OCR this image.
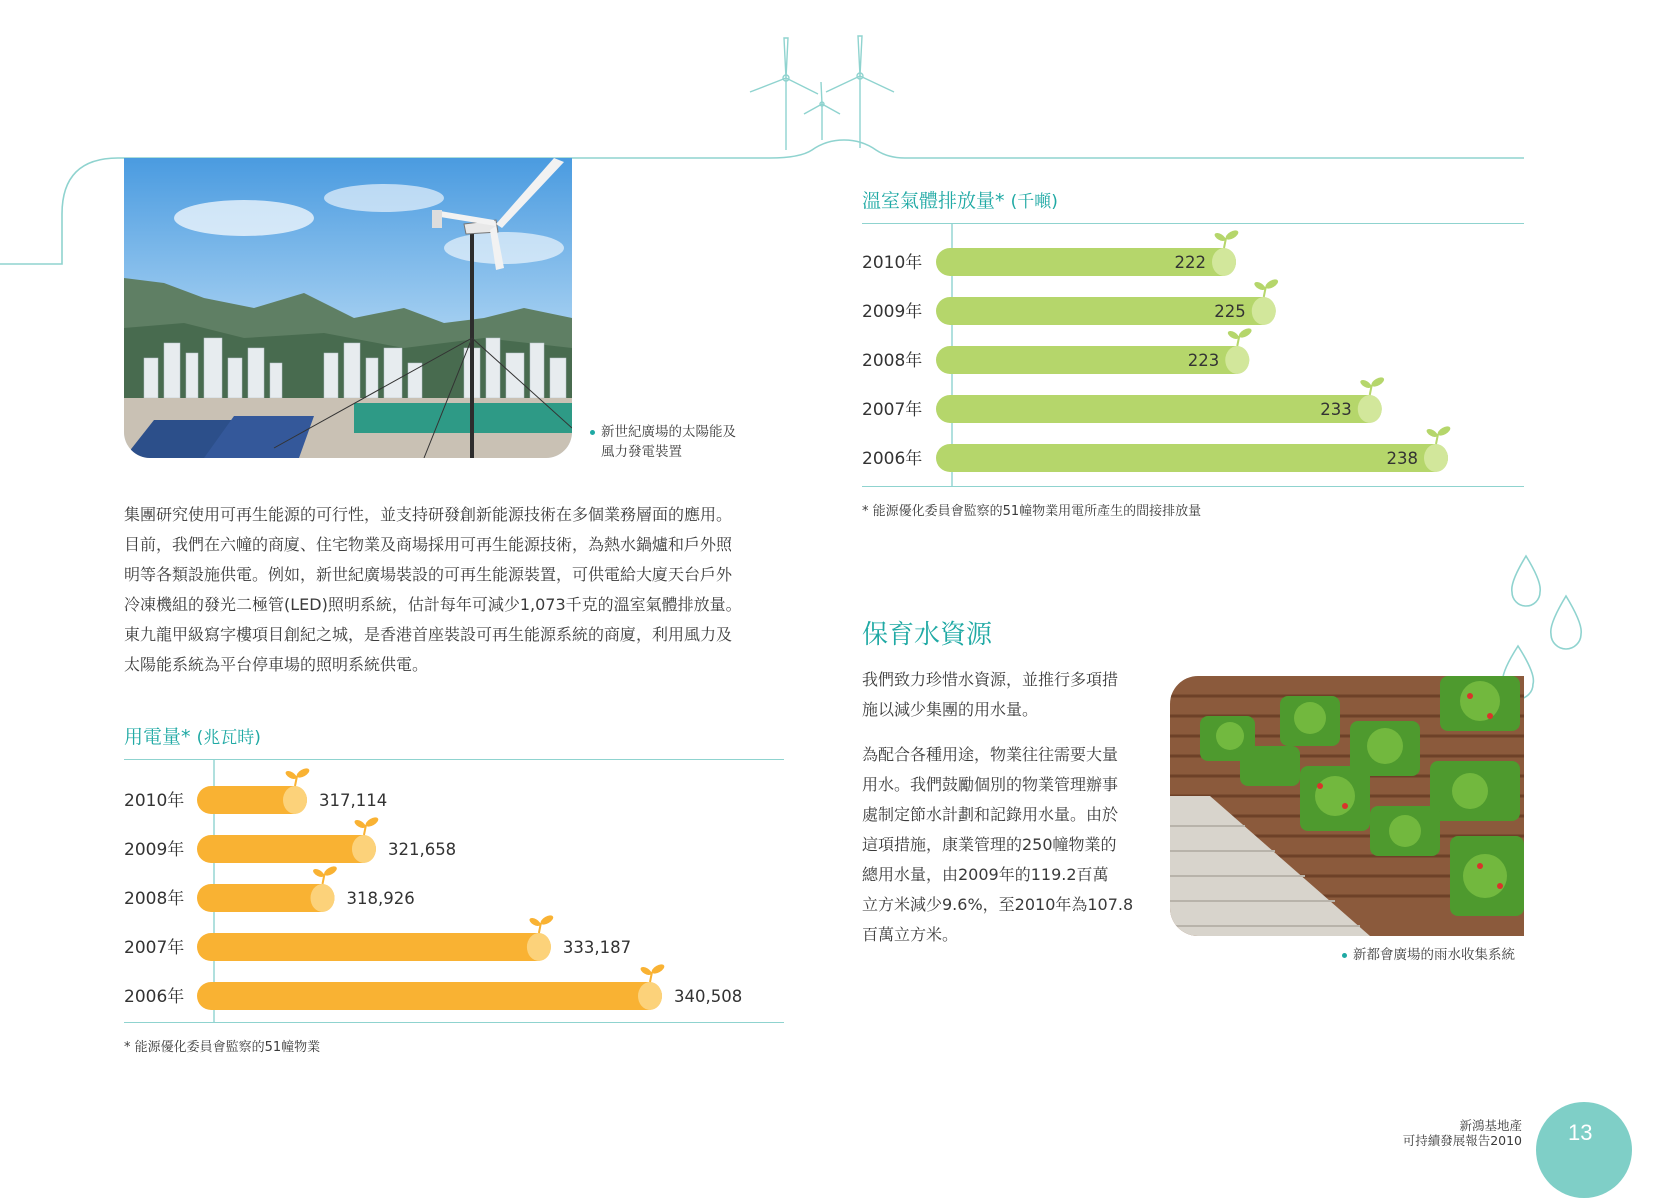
新世紀廣場的太陽能及
風力發電裝置
集團研究使用可再生能源的可行性，並支持研發創新能源技術在多個業務層面的應用。
目前，我們在六幢的商廈、住宅物業及商場採用可再生能源技術，為熱水鍋爐和戶外照
明等各類設施供電。例如，新世紀廣場裝設的可再生能源裝置，可供電給大廈天台戶外
冷凍機組的發光二極管(LED)照明系統，估計每年可減少1,073千克的溫室氣體排放量。
東九龍甲級寫字樓項目創紀之城，是香港首座裝設可再生能源系統的商廈，利用風力及
太陽能系統為平台停車場的照明系統供電。
用電量* (兆瓦時)
2010年	317,114
2009年	321,658
2008年	318,926
2007年	333,187
2006年	340,508
* 能源優化委員會監察的51幢物業
溫室氣體排放量* (千噸)
2010年	222
2009年	225
2008年	223
2007年	233
2006年	238
* 能源優化委員會監察的51幢物業用電所產生的間接排放量
保育水資源
我們致力珍惜水資源，並推行多項措
施以減少集團的用水量。
為配合各種用途，物業往往需要大量
用水。我們鼓勵個別的物業管理辦事
處制定節水計劃和記錄用水量。由於
這項措施，康業管理的250幢物業的
總用水量，由2009年的119.2百萬
立方米減少9.6%，至2010年為107.8
百萬立方米。
新都會廣場的雨水收集系統
新鴻基地產
可持續發展報告2010 13
